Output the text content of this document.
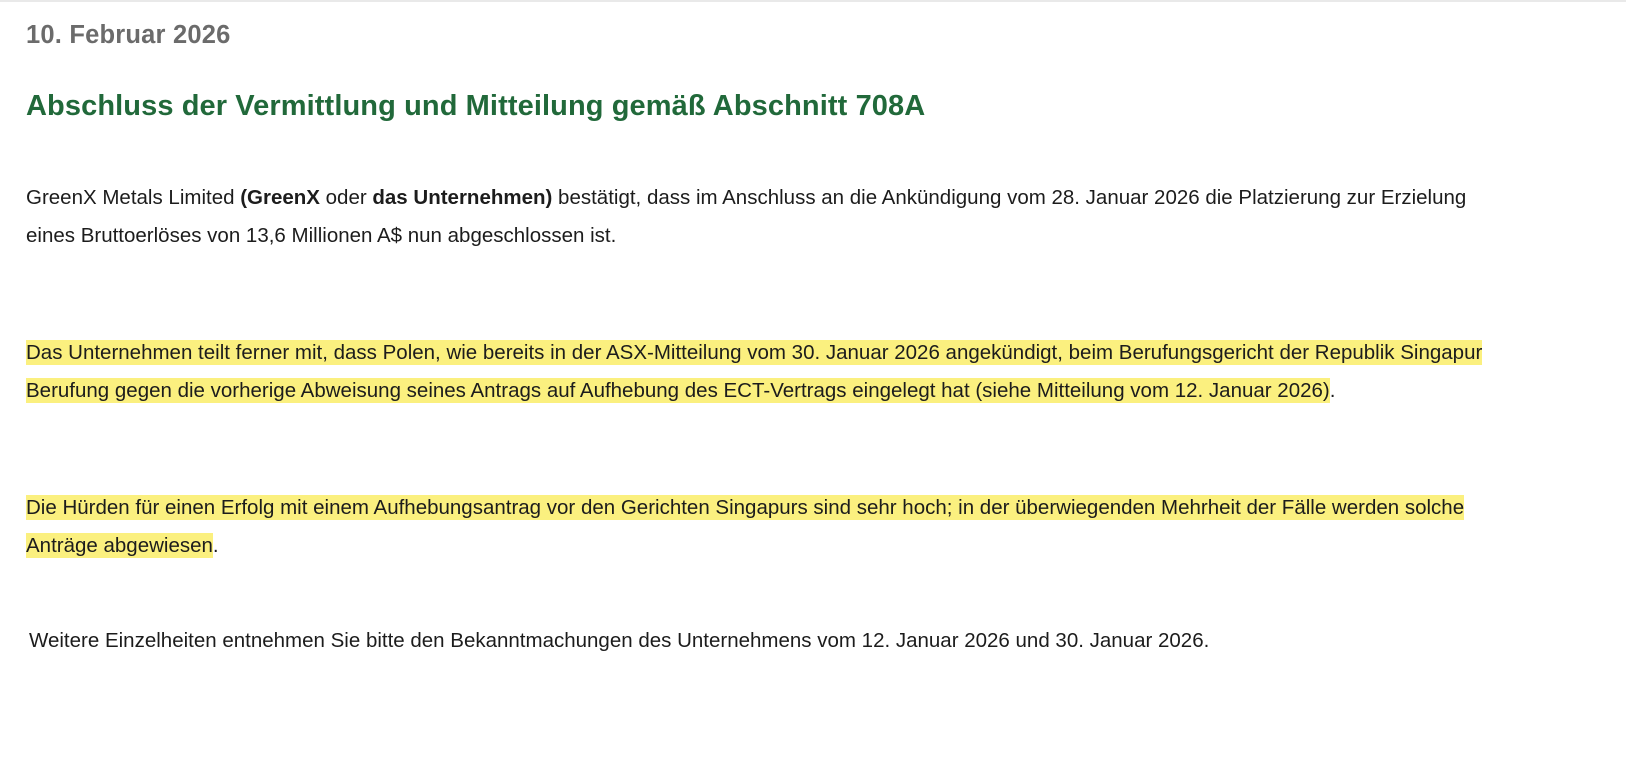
10. Februar 2026

Abschluss der Vermittlung und Mitteilung gemäß Abschnitt 708A

GreenX Metals Limited (GreenX oder das Unternehmen) bestätigt, dass im Anschluss an die Ankündigung vom 28. Januar 2026 die Platzierung zur Erzielung eines Bruttoerlöses von 13,6 Millionen A$ nun abgeschlossen ist.

Das Unternehmen teilt ferner mit, dass Polen, wie bereits in der ASX-Mitteilung vom 30. Januar 2026 angekündigt, beim Berufungsgericht der Republik Singapur Berufung gegen die vorherige Abweisung seines Antrags auf Aufhebung des ECT-Vertrags eingelegt hat (siehe Mitteilung vom 12. Januar 2026).

Die Hürden für einen Erfolg mit einem Aufhebungsantrag vor den Gerichten Singapurs sind sehr hoch; in der überwiegenden Mehrheit der Fälle werden solche Anträge abgewiesen.

Weitere Einzelheiten entnehmen Sie bitte den Bekanntmachungen des Unternehmens vom 12. Januar 2026 und 30. Januar 2026.
